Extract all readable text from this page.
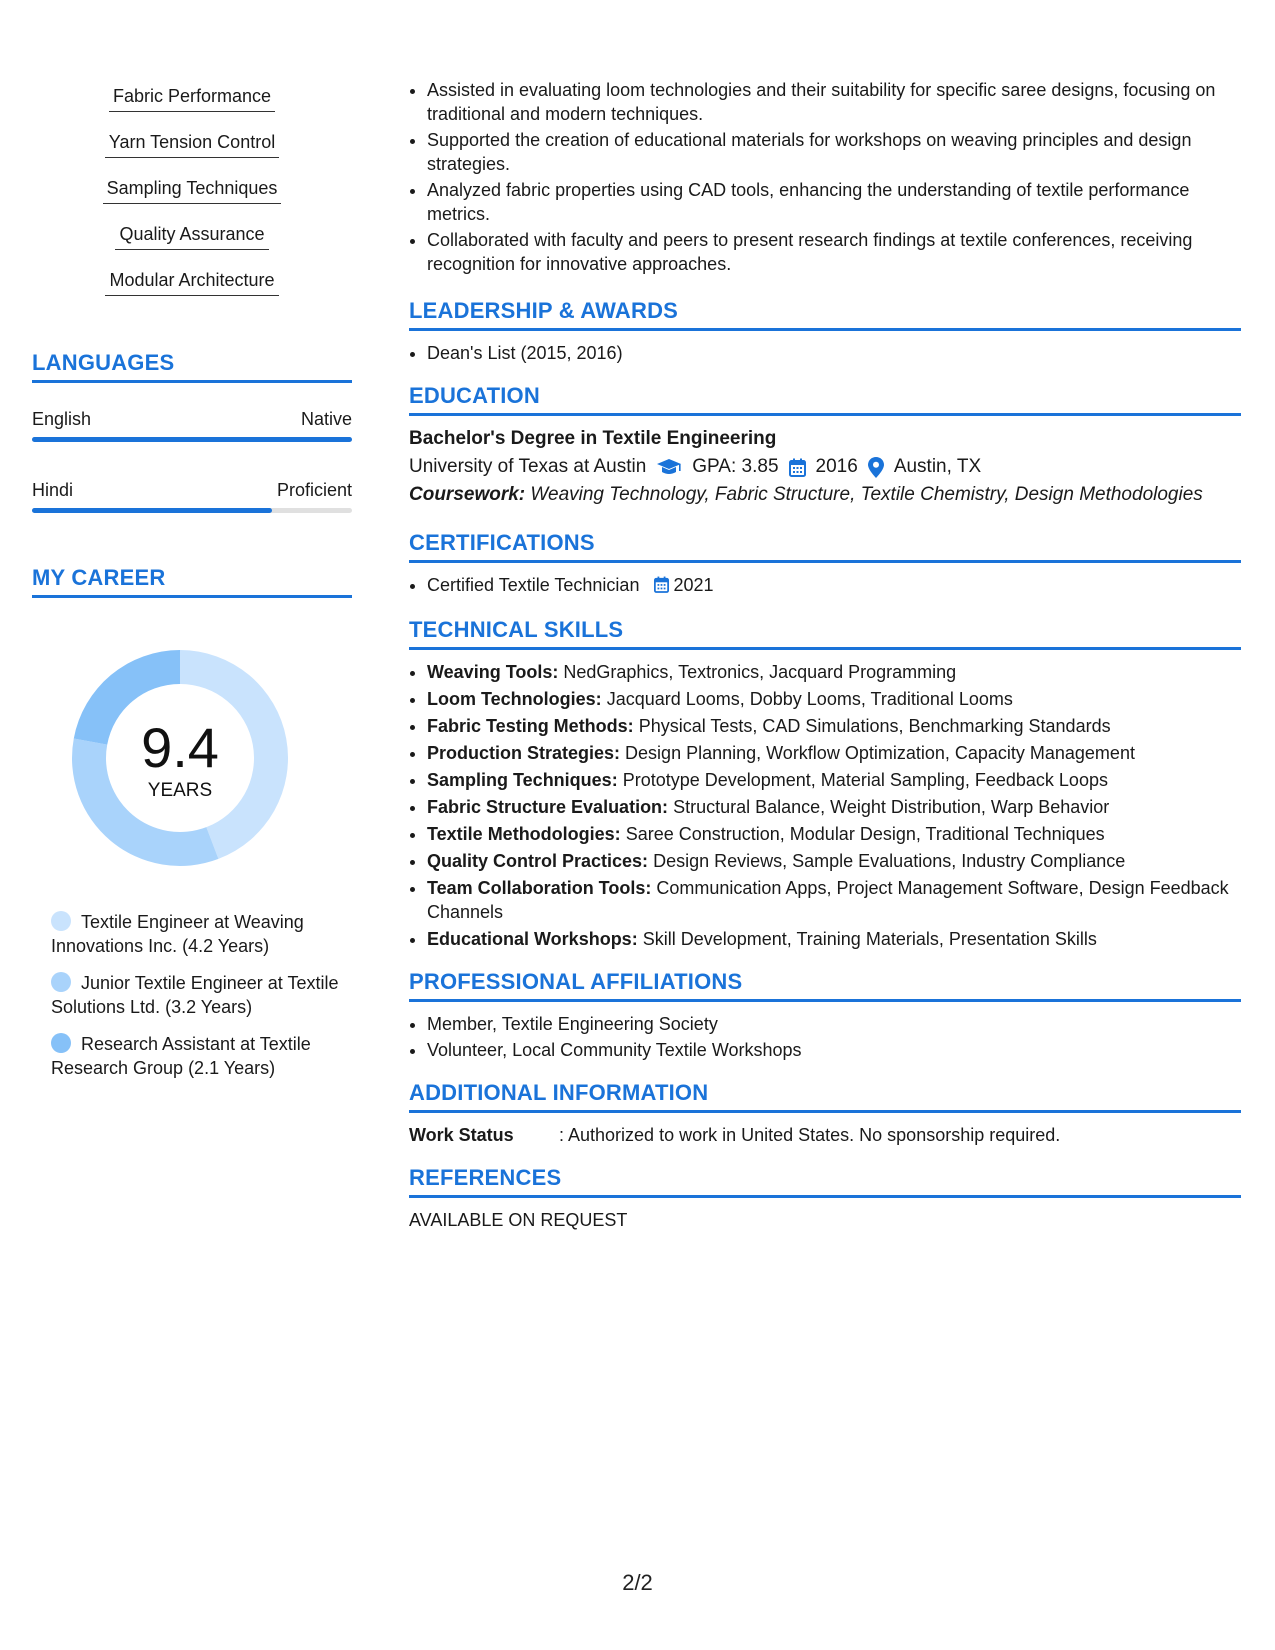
Fabric Performance
Yarn Tension Control
Sampling Techniques
Quality Assurance
Modular Architecture
LANGUAGES
English	Native
Hindi	Proficient
MY CAREER
9.4
YEARS
Textile Engineer at Weaving Innovations Inc. (4.2 Years)
Junior Textile Engineer at Textile Solutions Ltd. (3.2 Years)
Research Assistant at Textile Research Group (2.1 Years)
• Assisted in evaluating loom technologies and their suitability for specific saree designs, focusing on traditional and modern techniques.
• Supported the creation of educational materials for workshops on weaving principles and design strategies.
• Analyzed fabric properties using CAD tools, enhancing the understanding of textile performance metrics.
• Collaborated with faculty and peers to present research findings at textile conferences, receiving recognition for innovative approaches.
LEADERSHIP & AWARDS
• Dean's List (2015, 2016)
EDUCATION
Bachelor's Degree in Textile Engineering
University of Texas at Austin GPA: 3.85 2016 Austin, TX
Coursework: Weaving Technology, Fabric Structure, Textile Chemistry, Design Methodologies
CERTIFICATIONS
• Certified Textile Technician 2021
TECHNICAL SKILLS
• Weaving Tools: NedGraphics, Textronics, Jacquard Programming
• Loom Technologies: Jacquard Looms, Dobby Looms, Traditional Looms
• Fabric Testing Methods: Physical Tests, CAD Simulations, Benchmarking Standards
• Production Strategies: Design Planning, Workflow Optimization, Capacity Management
• Sampling Techniques: Prototype Development, Material Sampling, Feedback Loops
• Fabric Structure Evaluation: Structural Balance, Weight Distribution, Warp Behavior
• Textile Methodologies: Saree Construction, Modular Design, Traditional Techniques
• Quality Control Practices: Design Reviews, Sample Evaluations, Industry Compliance
• Team Collaboration Tools: Communication Apps, Project Management Software, Design Feedback Channels
• Educational Workshops: Skill Development, Training Materials, Presentation Skills
PROFESSIONAL AFFILIATIONS
• Member, Textile Engineering Society
• Volunteer, Local Community Textile Workshops
ADDITIONAL INFORMATION
Work Status	: Authorized to work in United States. No sponsorship required.
REFERENCES
AVAILABLE ON REQUEST
2/2
